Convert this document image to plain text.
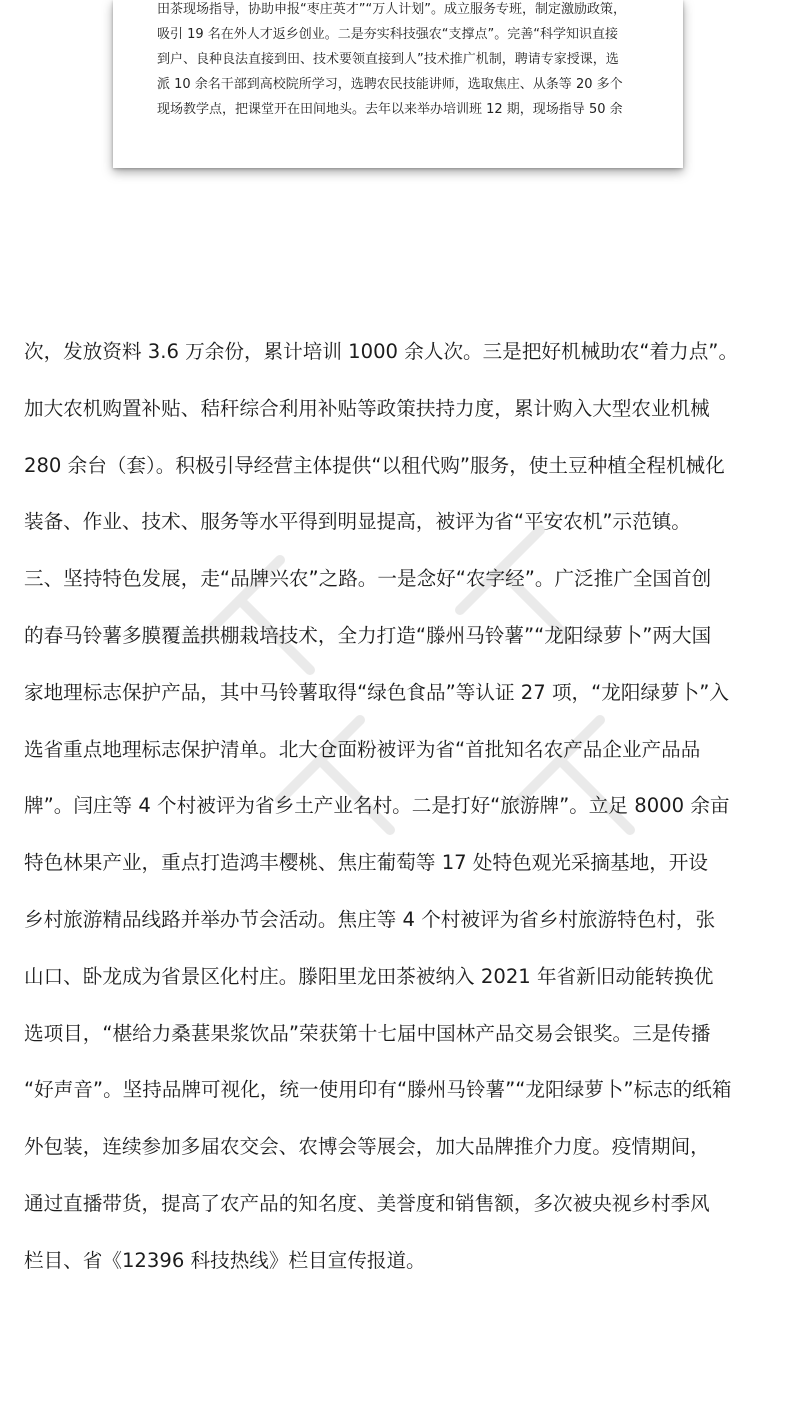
田茶现场指导，协助申报“枣庄英才”“万人计划”。成立服务专班，制定激励政策，
吸引 19 名在外人才返乡创业。二是夯实科技强农“支撑点”。完善“科学知识直接
到户、良种良法直接到田、技术要领直接到人”技术推广机制，聘请专家授课，选
派 10 余名干部到高校院所学习，选聘农民技能讲师，选取焦庄、从条等 20 多个
现场教学点，把课堂开在田间地头。去年以来举办培训班 12 期，现场指导 50 余
次，发放资料 3.6 万余份，累计培训 1000 余人次。三是把好机械助农“着力点”。
加大农机购置补贴、秸秆综合利用补贴等政策扶持力度，累计购入大型农业机械
280 余台（套）。积极引导经营主体提供“以租代购”服务，使土豆种植全程机械化
装备、作业、技术、服务等水平得到明显提高，被评为省“平安农机”示范镇。
三、坚持特色发展，走“品牌兴农”之路。一是念好“农字经”。广泛推广全国首创
的春马铃薯多膜覆盖拱棚栽培技术，全力打造“滕州马铃薯”“龙阳绿萝卜”两大国
家地理标志保护产品，其中马铃薯取得“绿色食品”等认证 27 项，“龙阳绿萝卜”入
选省重点地理标志保护清单。北大仓面粉被评为省“首批知名农产品企业产品品
牌”。闫庄等 4 个村被评为省乡土产业名村。二是打好“旅游牌”。立足 8000 余亩
特色林果产业，重点打造鸿丰樱桃、焦庄葡萄等 17 处特色观光采摘基地，开设
乡村旅游精品线路并举办节会活动。焦庄等 4 个村被评为省乡村旅游特色村，张
山口、卧龙成为省景区化村庄。滕阳里龙田茶被纳入 2021 年省新旧动能转换优
选项目，“椹给力桑葚果浆饮品”荣获第十七届中国林产品交易会银奖。三是传播
“好声音”。坚持品牌可视化，统一使用印有“滕州马铃薯”“龙阳绿萝卜”标志的纸箱
外包装，连续参加多届农交会、农博会等展会，加大品牌推介力度。疫情期间，
通过直播带货，提高了农产品的知名度、美誉度和销售额，多次被央视乡村季风
栏目、省《12396 科技热线》栏目宣传报道。
